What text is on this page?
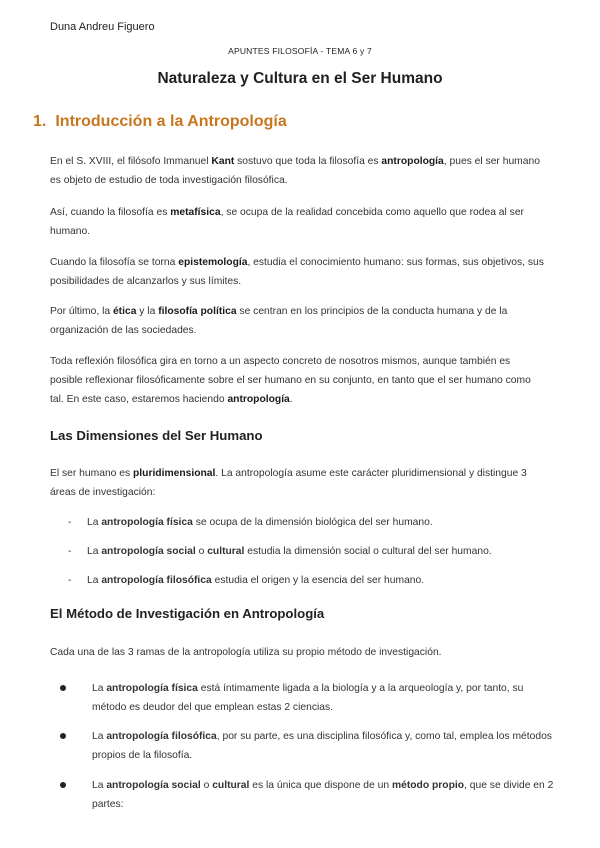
Duna Andreu Figuero
APUNTES FILOSOFÍA - TEMA 6 y 7
Naturaleza y Cultura en el Ser Humano
1. Introducción a la Antropología

En el S. XVIII, el filósofo Immanuel Kant sostuvo que toda la filosofía es antropología, pues el ser humano
es objeto de estudio de toda investigación filosófica.

Así, cuando la filosofía es metafísica, se ocupa de la realidad concebida como aquello que rodea al ser
humano.

Cuando la filosofía se torna epistemología, estudia el conocimiento humano: sus formas, sus objetivos, sus
posibilidades de alcanzarlos y sus límites.

Por último, la ética y la filosofía política se centran en los principios de la conducta humana y de la
organización de las sociedades.

Toda reflexión filosófica gira en torno a un aspecto concreto de nosotros mismos, aunque también es
posible reflexionar filosóficamente sobre el ser humano en su conjunto, en tanto que el ser humano como
tal. En este caso, estaremos haciendo antropología.

Las Dimensiones del Ser Humano

El ser humano es pluridimensional. La antropología asume este carácter pluridimensional y distingue 3
áreas de investigación:

- La antropología física se ocupa de la dimensión biológica del ser humano.
- La antropología social o cultural estudia la dimensión social o cultural del ser humano.
- La antropología filosófica estudia el origen y la esencia del ser humano.
El Método de Investigación en Antropología

Cada una de las 3 ramas de la antropología utiliza su propio método de investigación.

La antropología física está íntimamente ligada a la biología y a la arqueología y, por tanto, su
método es deudor del que emplean estas 2 ciencias.
La antropología filosófica, por su parte, es una disciplina filosófica y, como tal, emplea los métodos
propios de la filosofía.
La antropología social o cultural es la única que dispone de un método propio, que se divide en 2
partes:
